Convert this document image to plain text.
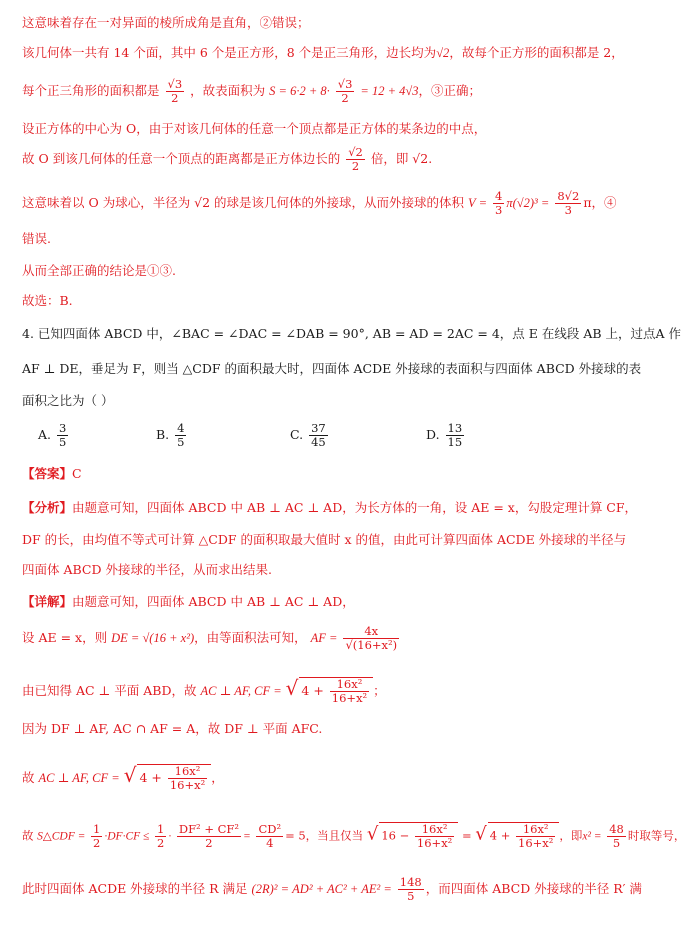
这意味着存在一对异面的棱所成角是直角，②错误；
该几何体一共有 14 个面，其中 6 个是正方形，8 个是正三角形，边长均为√2，故每个正方形的面积都是 2，
每个正三角形的面积都是 $\frac{√3}{2}$ ，故表面积为 $S = 6\cdot 2 + 8\cdot \frac{√3}{2} = 12 + 4√3$，③正确；
设正方体的中心为 O，由于对该几何体的任意一个顶点都是正方体的某条边的中点，
故 O 到该几何体的任意一个顶点的距离都是正方体边长的 $\frac{√2}{2}$ 倍，即 √2.
这意味着以 O 为球心，半径为 √2 的球是该几何体的外接球，从而外接球的体积 $V = \frac{4}{3} \pi(√2)^3 = \frac{8√2}{3}$ π，④
错误.
从而全部正确的结论是①③.
故选：B.
4. 已知四面体 ABCD 中，∠BAC = ∠DAC = ∠DAB = 90°, AB = AD = 2AC = 4，点 E 在线段 AB 上，过点A 作
AF ⊥ DE，垂足为 F，则当 △CDF 的面积最大时，四面体 ACDE 外接球的表面积与四面体 ABCD 外接球的表
面积之比为（ ）
A. $\frac{3}{5}$	B. $\frac{4}{5}$	C. $\frac{37}{45}$	D. $\frac{13}{15}$
【答案】C
【分析】由题意可知，四面体 ABCD 中 AB ⊥ AC ⊥ AD，为长方体的一角，设 AE = x，勾股定理计算 CF，
DF 的长，由均值不等式可计算 △CDF 的面积取最大值时 x 的值，由此可计算四面体 ACDE 外接球的半径与
四面体 ABCD 外接球的半径，从而求出结果.
【详解】由题意可知，四面体 ABCD 中 AB ⊥ AC ⊥ AD，
设 AE = x，则 DE = √(16 + x²)，由等面积法可知， AF = $\frac{4x}{\text{√(16+x²)}}$
由已知得 AC ⊥ 平面 ABD，故 AC ⊥ AF, CF = √ $4 + \frac{\text{16x²}}{\text{16+x²}}$ ；
因为 DF ⊥ AF, AC ∩ AF = A，故 DF ⊥ 平面 AFC.
故 AC ⊥ AF, CF = √ $4 + \frac{\text{16x²}}{\text{16+x²}}$ ，
故 S△CDF = $\frac{1}{2} \cdot DF\cdot CF \le \frac{1}{2} \cdot \frac{\text{DF² + CF²}}{2} = \frac{\text{CD²}}{4} = 5$，当且仅当 √ $16 - \frac{\text{16x²}}{\text{16+x²}}$ = √ $4 + \frac{\text{16x²}}{\text{16+x²}}$ ，即$x^2 = \frac{48}{5}$ 时取等号，
此时四面体 ACDE 外接球的半径 R 满足 $(2R)^2 = AD^2 + AC^2 + AE^2 = \frac{148}{5}$ ，而四面体 ABCD 外接球的半径 R′ 满
